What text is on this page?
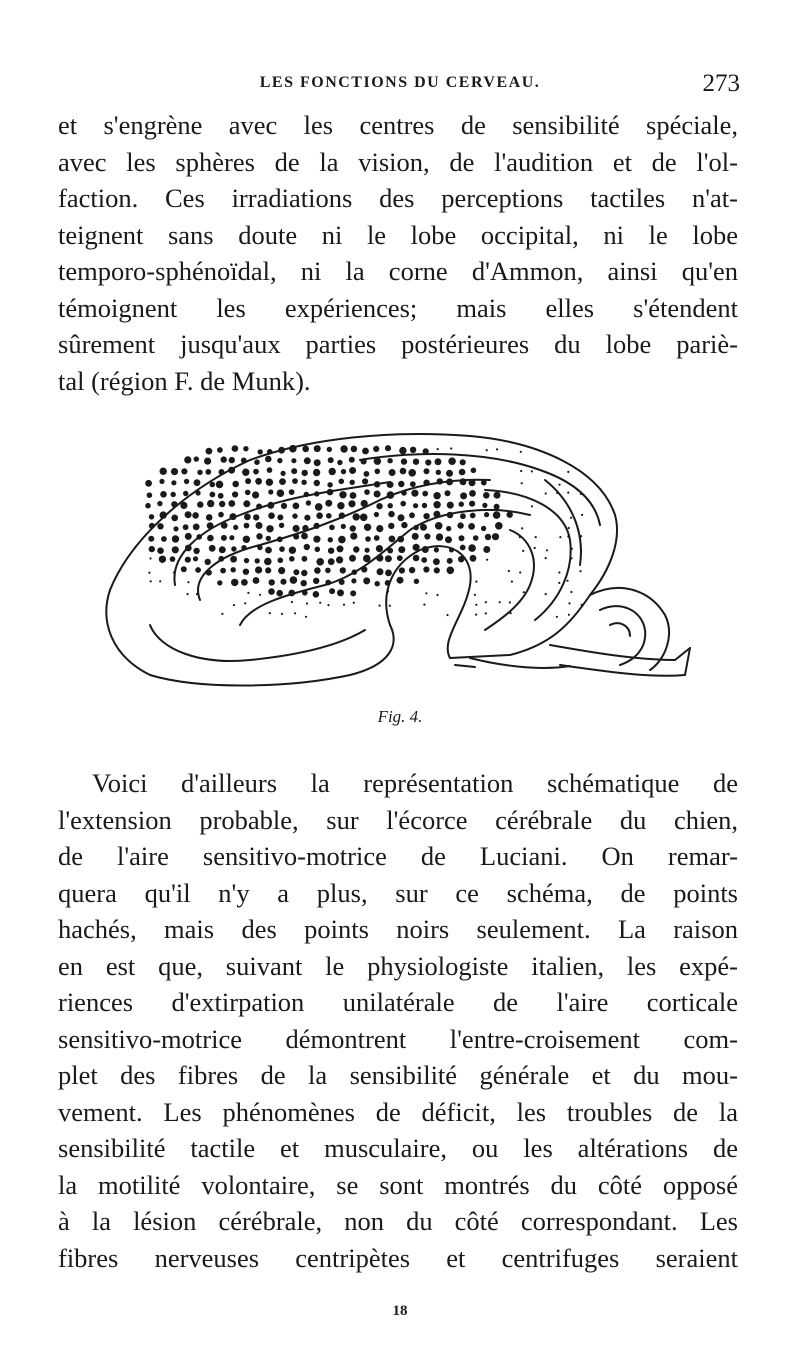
LES FONCTIONS DU CERVEAU.	273
et s'engrène avec les centres de sensibilité spéciale,
avec les sphères de la vision, de l'audition et de l'ol-
faction. Ces irradiations des perceptions tactiles n'at-
teignent sans doute ni le lobe occipital, ni le lobe
temporo-sphénoïdal, ni la corne d'Ammon, ainsi qu'en
témoignent les expériences; mais elles s'étendent
sûrement jusqu'aux parties postérieures du lobe pariè-
tal (région F. de Munk).
Fig. 4.
Voici d'ailleurs la représentation schématique de
l'extension probable, sur l'écorce cérébrale du chien,
de l'aire sensitivo-motrice de Luciani. On remar-
quera qu'il n'y a plus, sur ce schéma, de points
hachés, mais des points noirs seulement. La raison
en est que, suivant le physiologiste italien, les expé-
riences d'extirpation unilatérale de l'aire corticale
sensitivo-motrice démontrent l'entre-croisement com-
plet des fibres de la sensibilité générale et du mou-
vement. Les phénomènes de déficit, les troubles de la
sensibilité tactile et musculaire, ou les altérations de
la motilité volontaire, se sont montrés du côté opposé
à la lésion cérébrale, non du côté correspondant. Les
fibres nerveuses centripètes et centrifuges seraient
18
